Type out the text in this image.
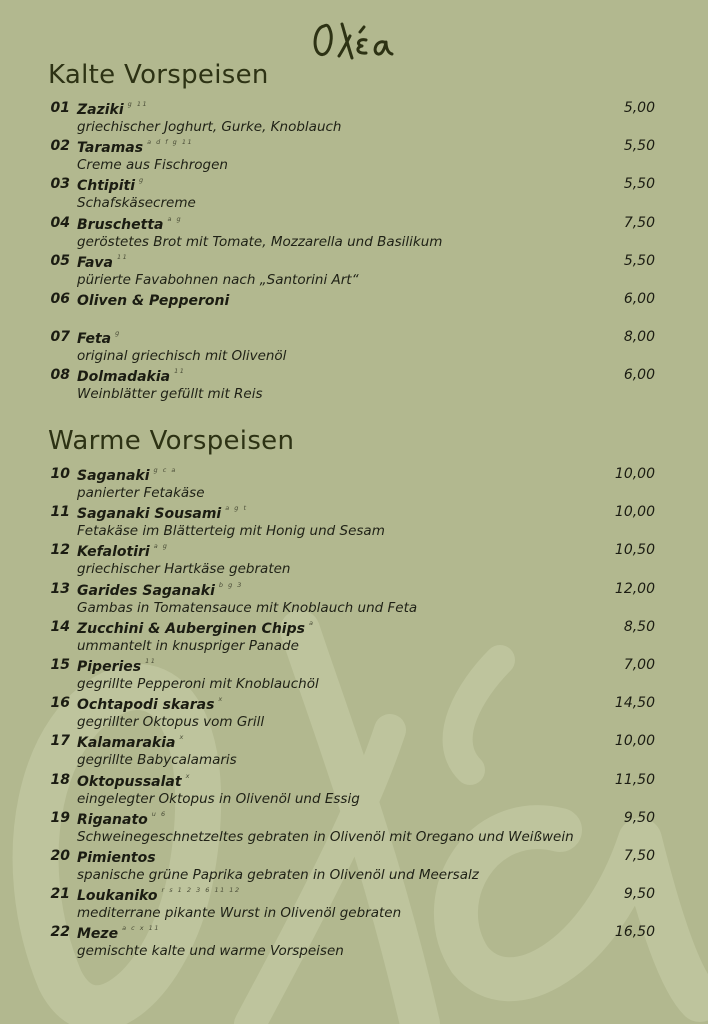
Kalte Vorspeisen
01 Zaziki $^{g 11}$
griechischer Joghurt, Gurke, Knoblauch
5,00
02 Taramas $^{a d f g 11}$
Creme aus Fischrogen
5,50
03 Chtipiti $^g$
Schafskäsecreme
5,50
04 Bruschetta $^{a g}$
geröstetes Brot mit Tomate, Mozzarella und Basilikum
7,50
05 Fava $^{11}$
pürierte Favabohnen nach „Santorini Art“
5,50
06 Oliven & Pepperoni	6,00
07 Feta $^g$
original griechisch mit Olivenöl
8,00
08 Dolmadakia $^{11}$
Weinblätter gefüllt mit Reis
6,00
Warme Vorspeisen
10 Saganaki $^{g c a}$
panierter Fetakäse
10,00
11 Saganaki Sousami $^{a g t}$
Fetakäse im Blätterteig mit Honig und Sesam
10,00
12 Kefalotiri $^{a g}$
griechischer Hartkäse gebraten
10,50
13 Garides Saganaki $^{b g 3}$
Gambas in Tomatensauce mit Knoblauch und Feta
12,00
14 Zucchini & Auberginen Chips $^a$
ummantelt in knuspriger Panade
8,50
15 Piperies $^{11}$
gegrillte Pepperoni mit Knoblauchöl
7,00
16 Ochtapodi skaras $^x$
gegrillter Oktopus vom Grill
14,50
17 Kalamarakia $^x$
gegrillte Babycalamaris
10,00
18 Oktopussalat $^x$
eingelegter Oktopus in Olivenöl und Essig
11,50
19 Riganato $^{u 6}$
Schweinegeschnetzeltes gebraten in Olivenöl mit Oregano und Weißwein
9,50
20 Pimientos
spanische grüne Paprika gebraten in Olivenöl und Meersalz
7,50
21 Loukaniko $^{r s 1 2 3 6 11 12}$
mediterrane pikante Wurst in Olivenöl gebraten
9,50
22 Meze $^{a c x 11}$
gemischte kalte und warme Vorspeisen
16,50
